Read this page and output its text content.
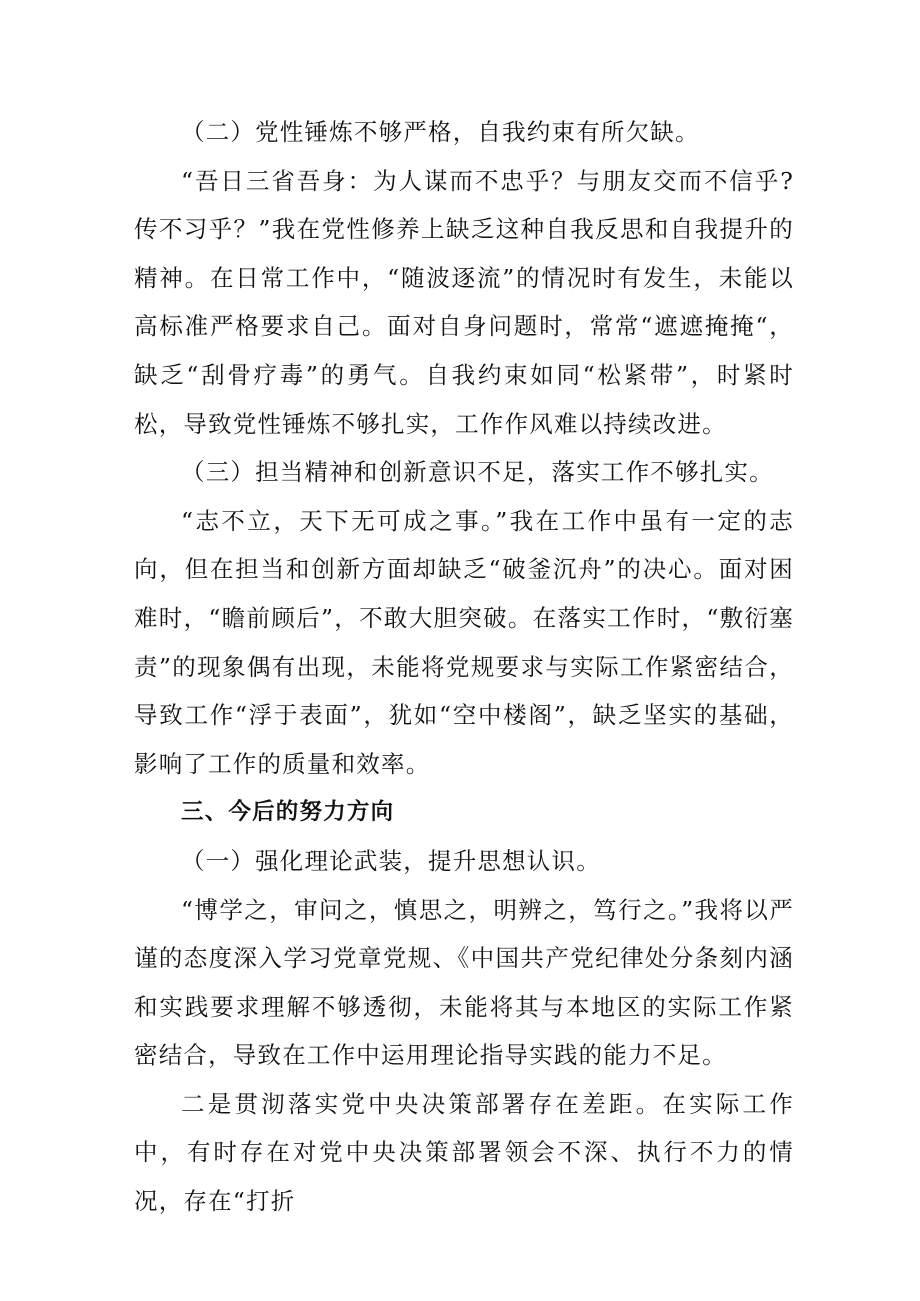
（二）党性锤炼不够严格，自我约束有所欠缺。

“吾日三省吾身：为人谋而不忠乎？与朋友交而不信乎?传不习乎？”我在党性修养上缺乏这种自我反思和自我提升的精神。在日常工作中，“随波逐流”的情况时有发生，未能以高标准严格要求自己。面对自身问题时，常常“遮遮掩掩“，缺乏“刮骨疗毒”的勇气。自我约束如同“松紧带”，时紧时松，导致党性锤炼不够扎实，工作作风难以持续改进。

（三）担当精神和创新意识不足，落实工作不够扎实。

“志不立，天下无可成之事。”我在工作中虽有一定的志向，但在担当和创新方面却缺乏“破釜沉舟”的决心。面对困难时，“瞻前顾后”，不敢大胆突破。在落实工作时，“敷衍塞责”的现象偶有出现，未能将党规要求与实际工作紧密结合，导致工作“浮于表面”，犹如“空中楼阁”，缺乏坚实的基础，影响了工作的质量和效率。

三、今后的努力方向

（一）强化理论武装，提升思想认识。

“博学之，审问之，慎思之，明辨之，笃行之。”我将以严谨的态度深入学习党章党规、《中国共产党纪律处分条刻内涵和实践要求理解不够透彻，未能将其与本地区的实际工作紧密结合，导致在工作中运用理论指导实践的能力不足。

二是贯沏落实党中央决策部署存在差距。在实际工作中，有时存在对党中央决策部署领会不深、执行不力的情况，存在“打折
